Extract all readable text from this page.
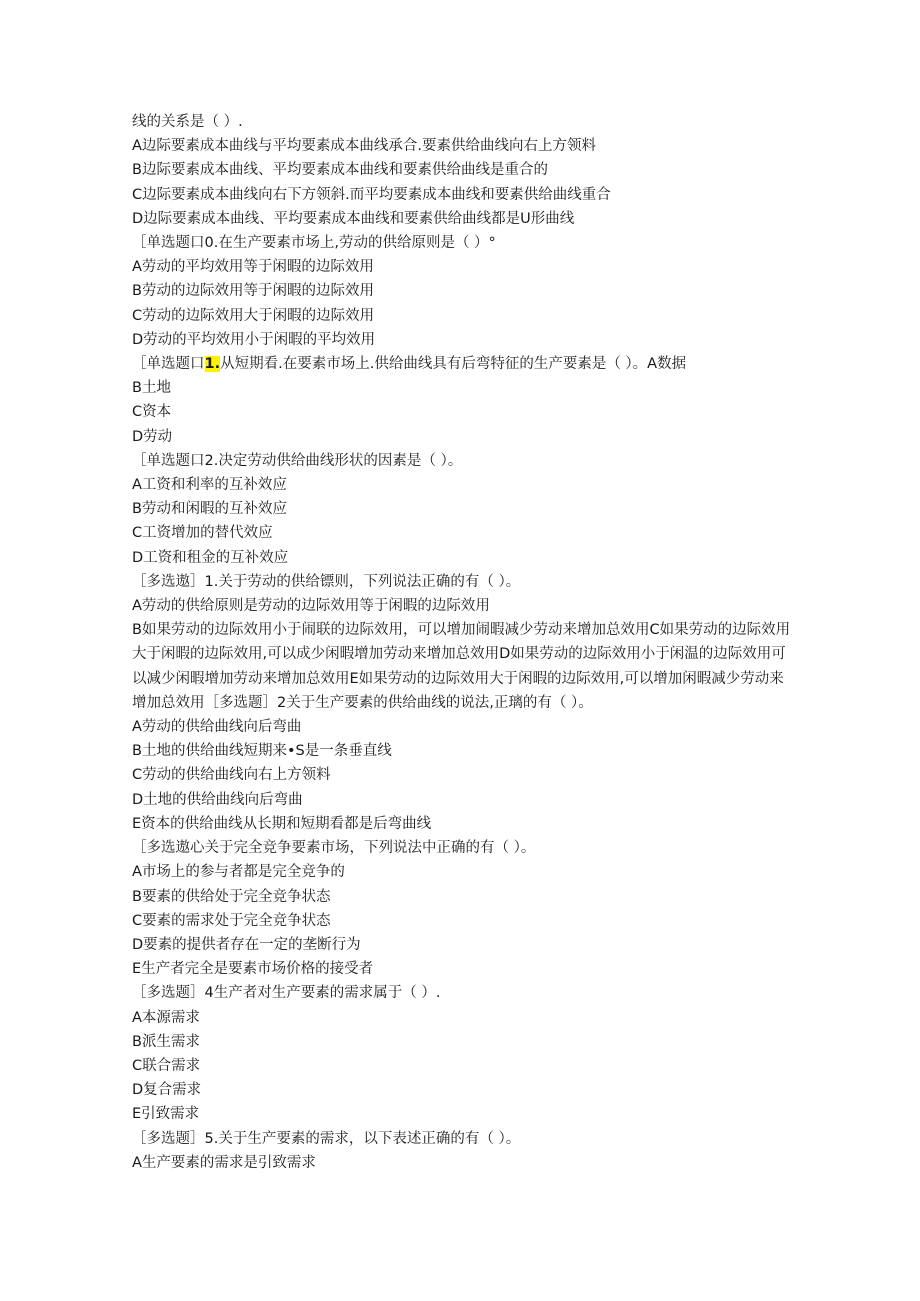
线的关系是（ ）.
A边际要素成本曲线与平均要素成本曲线承合.要素供给曲线向右上方领料
B边际要素成本曲线、平均要素成本曲线和要素供给曲线是重合的
C边际要素成本曲线向右下方领斜.而平均要素成本曲线和要素供给曲线重合
D边际要素成本曲线、平均要素成本曲线和要素供给曲线都是U形曲线
［单选题口0.在生产要素市场上,劳动的供给原则是（ ）°
A劳动的平均效用等于闲暇的边际效用
B劳动的边际效用等于闲暇的边际效用
C劳动的边际效用大于闲暇的边际效用
D劳动的平均效用小于闲暇的平均效用
［单选题口1.从短期看.在要素市场上.供给曲线具有后弯特征的生产要素是（ ）。A数据
B土地
C资本
D劳动
［单选题口2.决定劳动供给曲线形状的因素是（ ）。
A工资和利率的互补效应
B劳动和闲暇的互补效应
C工资增加的替代效应
D工资和租金的互补效应
［多选遨］1.关于劳动的供给镖则，下列说法正确的有（ ）。
A劳动的供给原则是劳动的边际效用等于闲暇的边际效用
B如果劳动的边际效用小于闹联的边际效用，可以增加闹暇减少劳动来增加总效用C如果劳动的边际效用大于闲暇的边际效用,可以成少闲暇增加劳动来增加总效用D如果劳动的边际效用小于闲温的边际效用可以减少闲暇增加劳动来增加总效用E如果劳动的边际效用大于闲暇的边际效用,可以增加闲暇减少劳动来增加总效用［多选题］2关于生产要素的供给曲线的说法,正璃的有（ ）。
A劳动的供给曲线向后弯曲
B土地的供给曲线短期来•S是一条垂直线
C劳动的供给曲线向右上方领料
D土地的供给曲线向后弯曲
E资本的供给曲线从长期和短期看都是后弯曲线
［多选遨心关于完全竞争要素市场，下列说法中正确的有（ ）。
A市场上的参与者都是完全竞争的
B要素的供给处于完全竞争状态
C要素的需求处于完全竞争状态
D要素的提供者存在一定的垄断行为
E生产者完全是要素市场价格的接受者
［多选题］4生产者对生产要素的需求属于（ ）.
A本源需求
B派生需求
C联合需求
D复合需求
E引致需求
［多选题］5.关于生产要素的需求，以下表述正确的有（ ）。
A生产要素的需求是引致需求
